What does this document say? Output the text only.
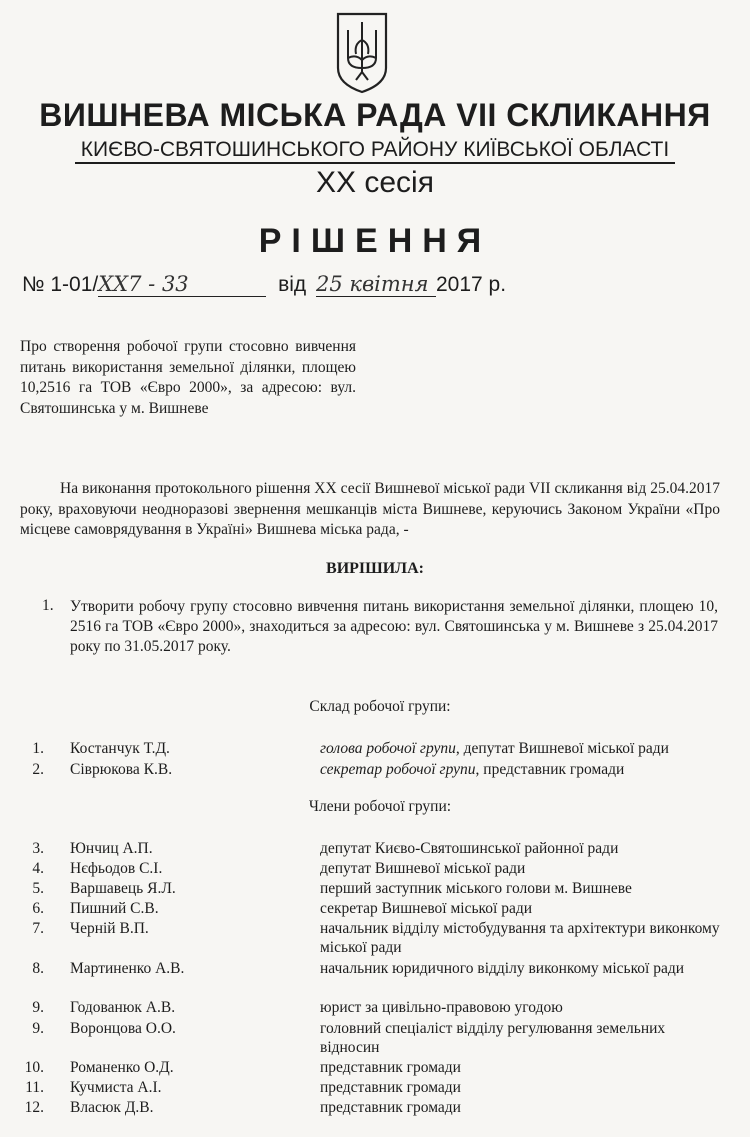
ВИШНЕВА МІСЬКА РАДА VII СКЛИКАННЯ
КИЄВО-СВЯТОШИНСЬКОГО РАЙОНУ КИЇВСЬКОЇ ОБЛАСТІ
XX сесія
РІШЕННЯ
№ 1-01/XX7 - 33	від 25 квітня 2017 р.

Про створення робочої групи стосовно вивчення питань використання земельної ділянки, площею 10,2516 га ТОВ «Євро 2000», за адресою: вул. Святошинська у м. Вишневе

На виконання протокольного рішення XX сесії Вишневої міської ради VII скликання від 25.04.2017 року, враховуючи неодноразові звернення мешканців міста Вишневе, керуючись Законом України «Про місцеве самоврядування в Україні» Вишнева міська рада, -
ВИРІШИЛА:
1. Утворити робочу групу стосовно вивчення питань використання земельної ділянки, площею 10, 2516 га ТОВ «Євро 2000», знаходиться за адресою: вул. Святошинська у м. Вишневе з 25.04.2017 року по 31.05.2017 року.
Склад робочої групи:
1. Костанчук Т.Д.	голова робочої групи, депутат Вишневої міської ради
2. Сіврюкова К.В.	секретар робочої групи, представник громади
Члени робочої групи:
3. Юнчиц А.П.	депутат Києво-Святошинської районної ради
4. Нєфьодов С.І.	депутат Вишневої міської ради
5. Варшавець Я.Л.	перший заступник міського голови м. Вишневе
6. Пишний С.В.	секретар Вишневої міської ради
7. Черній В.П.	начальник відділу містобудування та архітектури виконкому міської ради
8. Мартиненко А.В.	начальник юридичного відділу виконкому міської ради
9. Годованюк А.В.	юрист за цивільно-правовою угодою
9. Воронцова О.О.	головний спеціаліст відділу регулювання земельних відносин
10. Романенко О.Д.	представник громади
11. Кучмиста А.І.	представник громади
12. Власюк Д.В.	представник громади
